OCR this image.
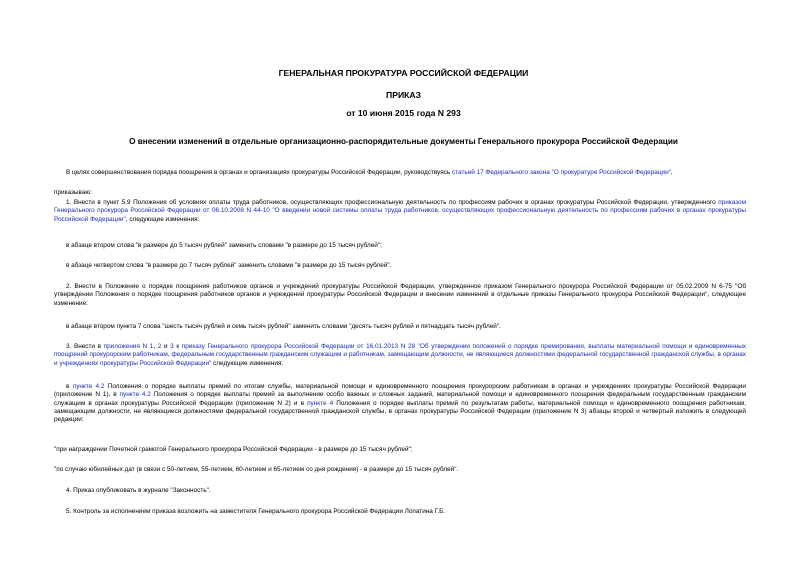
ГЕНЕРАЛЬНАЯ ПРОКУРАТУРА РОССИЙСКОЙ ФЕДЕРАЦИИ
ПРИКАЗ
от 10 июня 2015 года N 293
О внесении изменений в отдельные организационно-распорядительные документы Генерального прокурора Российской Федерации
В целях совершенствования порядка поощрения в органах и организациях прокуратуры Российской Федерации, руководствуясь статьей 17 Федерального закона "О прокуратуре Российской Федерации",
приказываю:
1. Внести в пункт 5.9 Положения об условиях оплаты труда работников, осуществляющих профессиональную деятельность по профессиям рабочих в органах прокуратуры Российской Федерации, утвержденного приказом Генерального прокурора Российской Федерации от 06.10.2008 N 44-10 "О введении новой системы оплаты труда работников, осуществляющих профессиональную деятельность по профессиям рабочих в органах прокуратуры Российской Федерации", следующие изменения:
в абзаце втором слова "в размере до 5 тысяч рублей" заменить словами "в размере до 15 тысяч рублей";
в абзаце четвертом слова "в размере до 7 тысяч рублей" заменить словами "в размере до 15 тысяч рублей".
2. Внести в Положение о порядке поощрения работников органов и учреждений прокуратуры Российской Федерации, утвержденное приказом Генерального прокурора Российской Федерации от 05.02.2009 N 6-75 "Об утверждении Положения о порядке поощрения работников органов и учреждений прокуратуры Российской Федерации и внесении изменений в отдельные приказы Генерального прокурора Российской Федерации", следующее изменение:
в абзаце втором пункта 7 слова "шесть тысяч рублей и семь тысяч рублей" заменить словами "десять тысяч рублей и пятнадцать тысяч рублей".
3. Внести в приложения N 1, 2 и 3 к приказу Генерального прокурора Российской Федерации от 16.01.2013 N 28 "Об утверждении положений о порядке премирования, выплаты материальной помощи и единовременных поощрений прокурорским работникам, федеральным государственным гражданским служащим и работникам, замещающим должности, не являющиеся должностями федеральной государственной гражданской службы, в органах и учреждениях прокуратуры Российской Федерации" следующие изменения:
в пункте 4.2 Положения о порядке выплаты премий по итогам службы, материальной помощи и единовременного поощрения прокурорским работникам в органах и учреждениях прокуратуры Российской Федерации (приложение N 1), в пункте 4.2 Положения о порядке выплаты премий за выполнение особо важных и сложных заданий, материальной помощи и единовременного поощрения федеральным государственным гражданским служащим в органах прокуратуры Российской Федерации (приложение N 2) и в пункте 4 Положения о порядке выплаты премий по результатам работы, материальной помощи и единовременного поощрения работникам, замещающим должности, не являющиеся должностями федеральной государственной гражданской службы, в органах прокуратуры Российской Федерации (приложение N 3) абзацы второй и четвертый изложить в следующей редакции:
"при награждении Почетной грамотой Генерального прокурора Российской Федерации - в размере до 15 тысяч рублей";
"по случаю юбилейных дат (в связи с 50-летием, 55-летием, 60-летием и 65-летием со дня рождения) - в размере до 15 тысяч рублей".
4. Приказ опубликовать в журнале "Законность".
5. Контроль за исполнением приказа возложить на заместителя Генерального прокурора Российской Федерации Лопатина Г.Б.
